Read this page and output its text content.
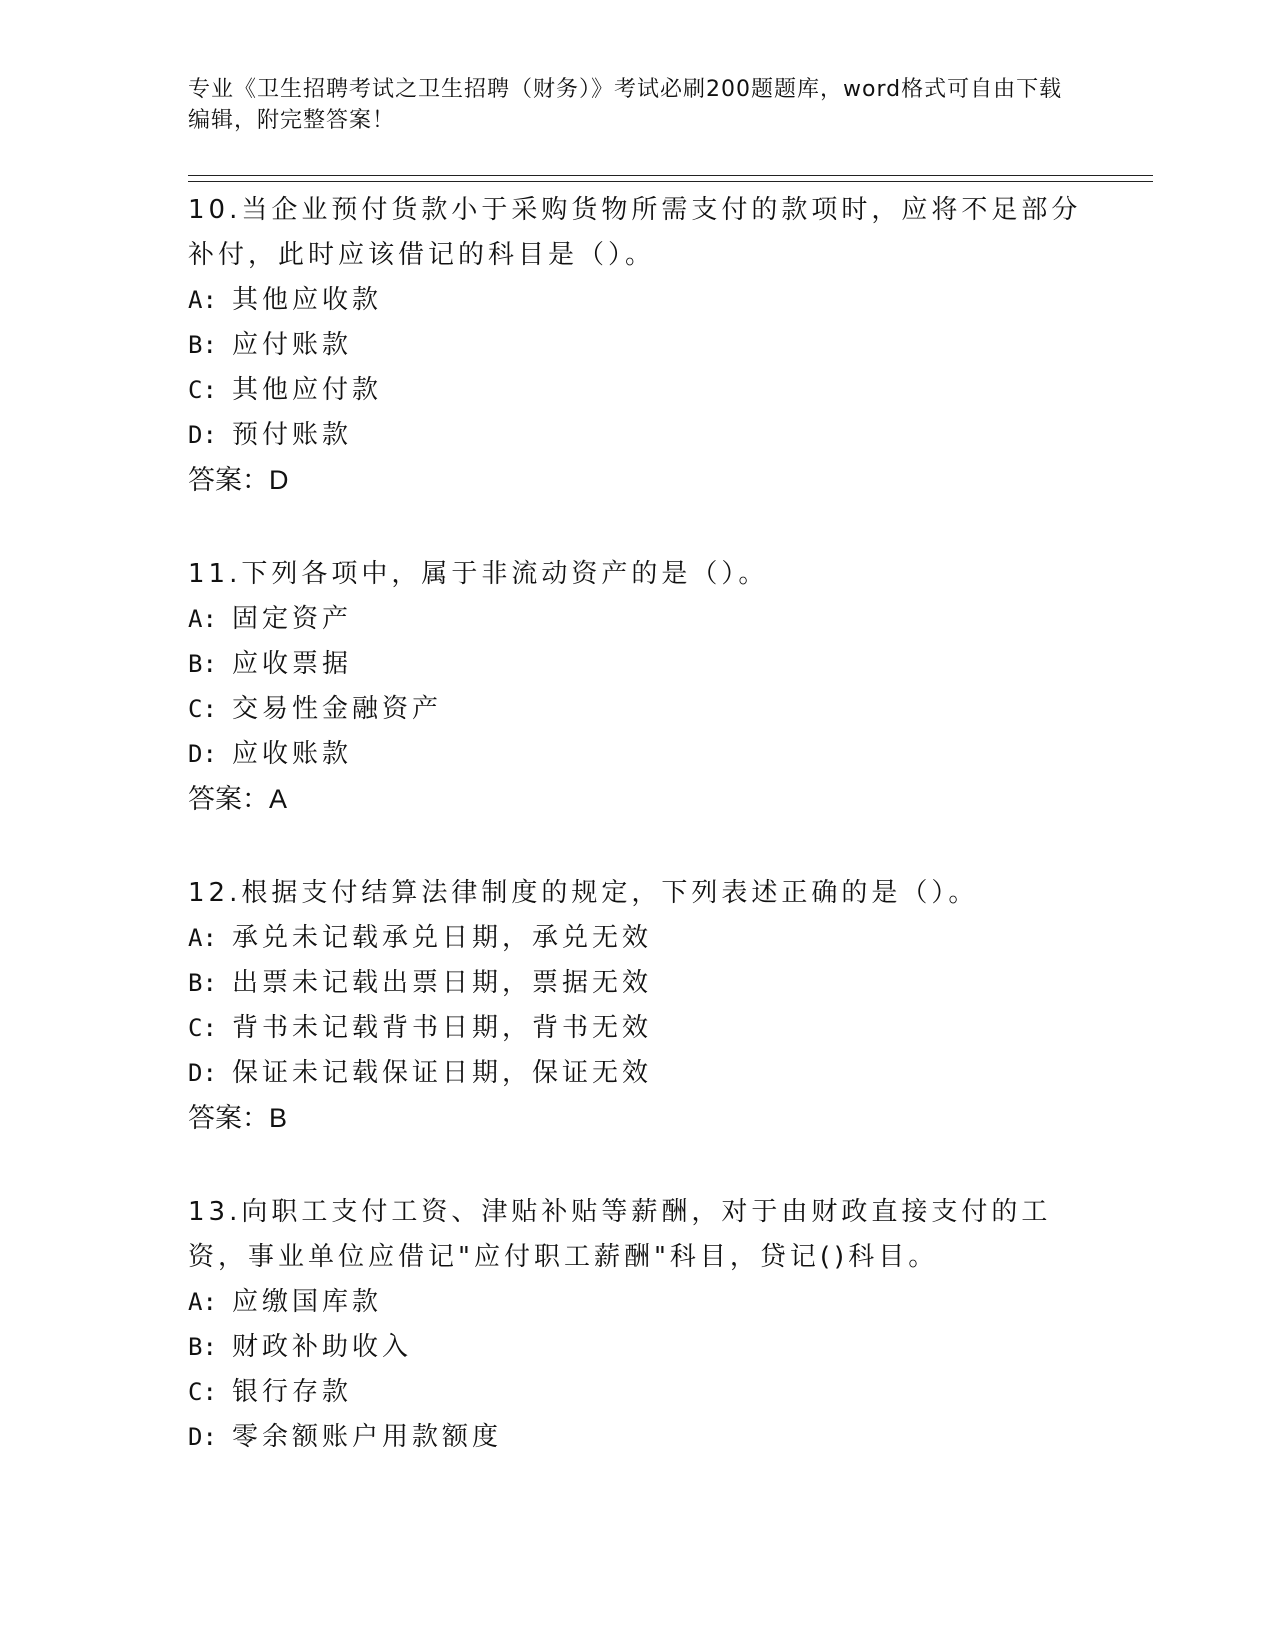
专业《卫生招聘考试之卫生招聘（财务）》考试必刷200题题库，word格式可自由下载编辑，附完整答案！
10.当企业预付货款小于采购货物所需支付的款项时，应将不足部分补付，此时应该借记的科目是（）。
A: 其他应收款
B: 应付账款
C: 其他应付款
D: 预付账款
答案：D
11.下列各项中，属于非流动资产的是（）。
A: 固定资产
B: 应收票据
C: 交易性金融资产
D: 应收账款
答案：A
12.根据支付结算法律制度的规定，下列表述正确的是（）。
A: 承兑未记载承兑日期，承兑无效
B: 出票未记载出票日期，票据无效
C: 背书未记载背书日期，背书无效
D: 保证未记载保证日期，保证无效
答案：B
13.向职工支付工资、津贴补贴等薪酬，对于由财政直接支付的工资，事业单位应借记"应付职工薪酬"科目，贷记()科目。
A: 应缴国库款
B: 财政补助收入
C: 银行存款
D: 零余额账户用款额度
